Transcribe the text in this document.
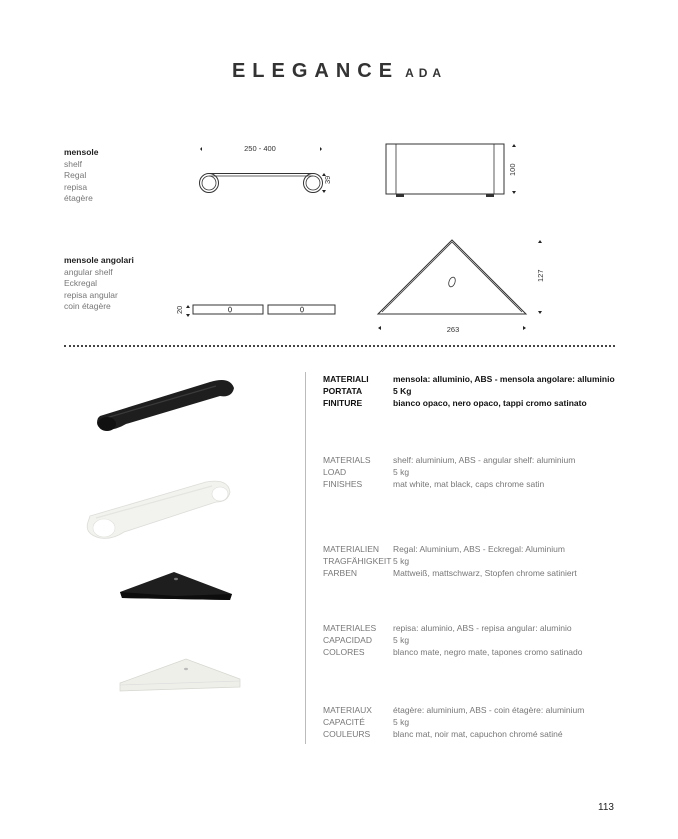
ELEGANCE ADA
mensole
shelf
Regal
repisa
étagère
250 - 400
39
100
mensole angolari
angular shelf
Eckregal
repisa angular
coin étagère	20
127
263
MATERIALI	mensola: alluminio, ABS - mensola angolare: alluminio
PORTATA	5 Kg
FINITURE	bianco opaco, nero opaco, tappi cromo satinato
MATERIALS	shelf: aluminium, ABS - angular shelf: aluminium
LOAD	5 kg
FINISHES	mat white, mat black, caps chrome satin
MATERIALIEN	Regal: Aluminium, ABS - Eckregal: Aluminium
TRAGFÄHIGKEIT 5 kg
FARBEN	Mattweiß, mattschwarz, Stopfen chrome satiniert
MATERIALES	repisa: aluminio, ABS - repisa angular: aluminio
CAPACIDAD	5 kg
COLORES	blanco mate, negro mate, tapones cromo satinado
MATERIAUX	étagère: aluminium, ABS - coin étagère: aluminium
CAPACITÉ	5 kg
COULEURS	blanc mat, noir mat, capuchon chromé satiné
113
